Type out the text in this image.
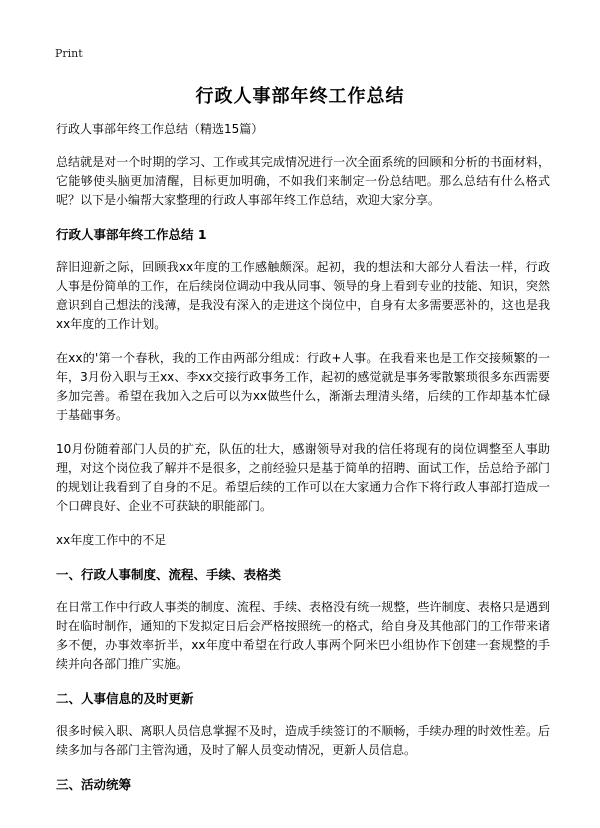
Print
行政人事部年终工作总结

行政人事部年终工作总结（精选15篇）

总结就是对一个时期的学习、工作或其完成情况进行一次全面系统的回顾和分析的书面材料，它能够使头脑更加清醒，目标更加明确，不如我们来制定一份总结吧。那么总结有什么格式呢？以下是小编帮大家整理的行政人事部年终工作总结，欢迎大家分享。

行政人事部年终工作总结 1

辞旧迎新之际，回顾我xx年度的工作感触颇深。起初，我的想法和大部分人看法一样，行政人事是份简单的工作，在后续岗位调动中我从同事、领导的身上看到专业的技能、知识，突然意识到自己想法的浅薄，是我没有深入的走进这个岗位中，自身有太多需要恶补的，这也是我xx年度的工作计划。

在xx的'第一个春秋，我的工作由两部分组成：行政+人事。在我看来也是工作交接频繁的一年，3月份入职与王xx、李xx交接行政事务工作，起初的感觉就是事务零散繁琐很多东西需要多加完善。希望在我加入之后可以为xx做些什么，渐渐去理清头绪，后续的工作却基本忙碌于基础事务。

10月份随着部门人员的扩充，队伍的壮大，感谢领导对我的信任将现有的岗位调整至人事助理，对这个岗位我了解并不是很多，之前经验只是基于简单的招聘、面试工作，岳总给予部门的规划让我看到了自身的不足。希望后续的工作可以在大家通力合作下将行政人事部打造成一个口碑良好、企业不可获缺的职能部门。

xx年度工作中的不足

一、行政人事制度、流程、手续、表格类

在日常工作中行政人事类的制度、流程、手续、表格没有统一规整，些许制度、表格只是遇到时在临时制作，通知的下发拟定日后会严格按照统一的格式，给自身及其他部门的工作带来诸多不便，办事效率折半，xx年度中希望在行政人事两个阿米巴小组协作下创建一套规整的手续并向各部门推广实施。

二、人事信息的及时更新

很多时候入职、离职人员信息掌握不及时，造成手续签订的不顺畅，手续办理的时效性差。后续多加与各部门主管沟通，及时了解人员变动情况，更新人员信息。

三、活动统筹
